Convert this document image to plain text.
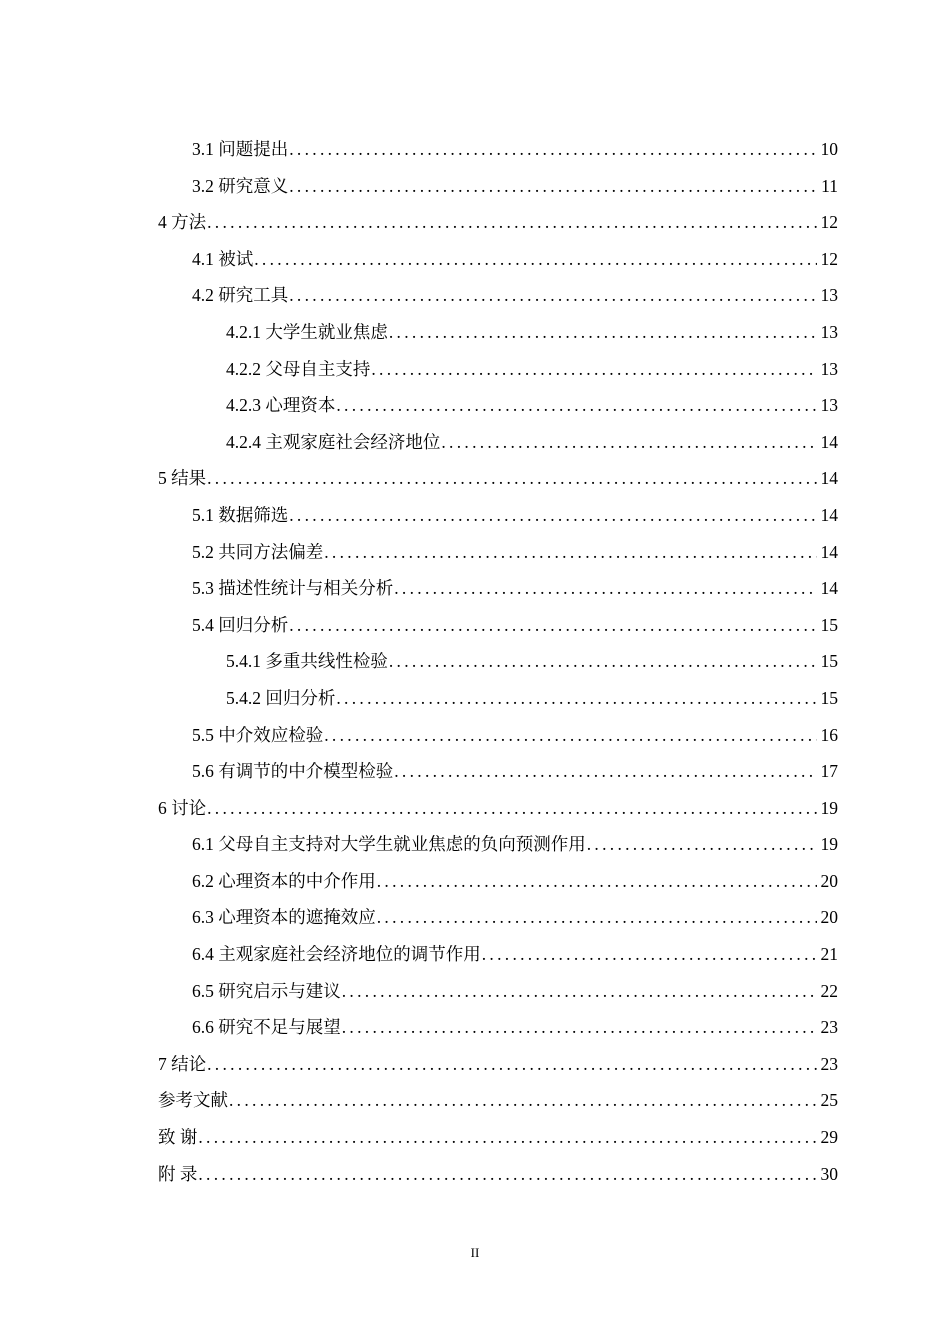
3.1 问题提出 .....	10
3.2 研究意义 .....	11
4 方法 .....	12
4.1 被试 .....	12
4.2 研究工具 .....	13
4.2.1 大学生就业焦虑 .....	13
4.2.2 父母自主支持 .....	13
4.2.3 心理资本 .....	13
4.2.4 主观家庭社会经济地位 .....	14
5 结果 .....	14
5.1 数据筛选 .....	14
5.2 共同方法偏差 .....	14
5.3 描述性统计与相关分析 .....	14
5.4 回归分析 .....	15
5.4.1 多重共线性检验 .....	15
5.4.2 回归分析 .....	15
5.5 中介效应检验 .....	16
5.6 有调节的中介模型检验 .....	17
6 讨论 .....	19
6.1 父母自主支持对大学生就业焦虑的负向预测作用 .....	19
6.2 心理资本的中介作用 .....	20
6.3 心理资本的遮掩效应 .....	20
6.4 主观家庭社会经济地位的调节作用 .....	21
6.5 研究启示与建议 .....	22
6.6 研究不足与展望 .....	23
7 结论 .....	23
参考文献 .....	25
致 谢 .....	29
附 录 .....	30
II
